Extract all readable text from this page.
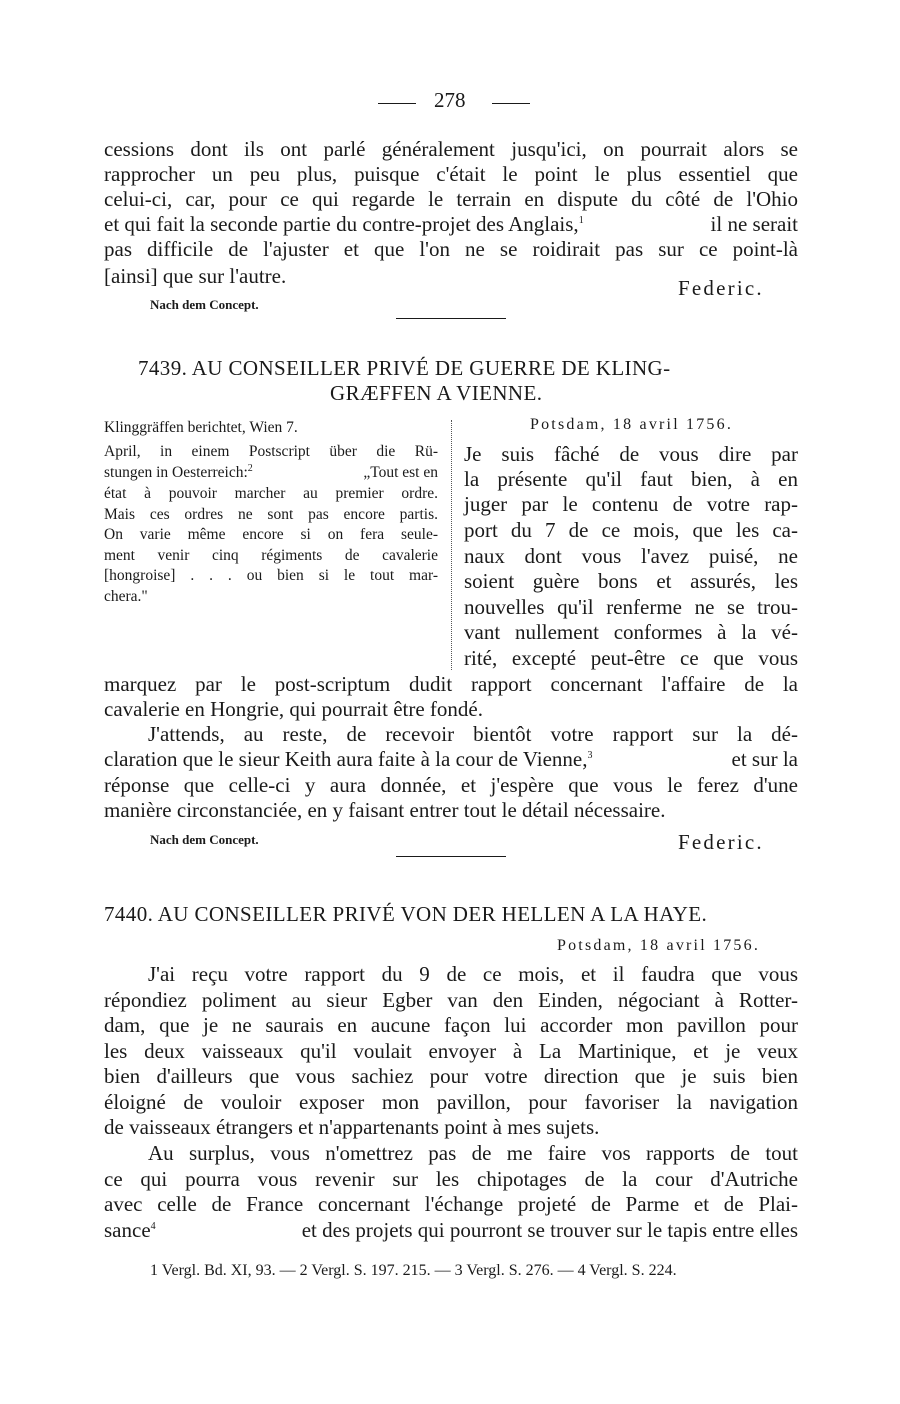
278
cessions dont ils ont parlé généralement jusqu'ici, on pourrait alors se
rapprocher un peu plus, puisque c'était le point le plus essentiel que
celui-ci, car, pour ce qui regarde le terrain en dispute du côté de l'Ohio
et qui fait la seconde partie du contre-projet des Anglais,$^1$	il ne serait
pas difficile de l'ajuster et que l'on ne se roidirait pas sur ce point-là
[ainsi] que sur l'autre.	Federic.
Nach dem Concept.
7439. AU CONSEILLER PRIVÉ DE GUERRE DE KLING-
GRÆFFEN A VIENNE.
Klinggräffen berichtet, Wien 7.
April, in einem Postscript über die Rü-
stungen in Oesterreich:$^2$	„Tout est en
état à pouvoir marcher au premier ordre.
Mais ces ordres ne sont pas encore partis.
On varie même encore si on fera seule-
ment venir cinq régiments de cavalerie
[hongroise] . . . ou bien si le tout mar-
chera."
Potsdam, 18 avril 1756.
Je suis fâché de vous dire par
la présente qu'il faut bien, à en
juger par le contenu de votre rap-
port du 7 de ce mois, que les ca-
naux dont vous l'avez puisé, ne
soient guère bons et assurés, les
nouvelles qu'il renferme ne se trou-
vant nullement conformes à la vé-
rité, excepté peut-être ce que vous
marquez par le post-scriptum dudit rapport concernant l'affaire de la
cavalerie en Hongrie, qui pourrait être fondé.
J'attends, au reste, de recevoir bientôt votre rapport sur la dé-
claration que le sieur Keith aura faite à la cour de Vienne,$^3$	et sur la
réponse que celle-ci y aura donnée, et j'espère que vous le ferez d'une
manière circonstanciée, en y faisant entrer tout le détail nécessaire.
Nach dem Concept.	Federic.
7440. AU CONSEILLER PRIVÉ VON DER HELLEN A LA HAYE.
Potsdam, 18 avril 1756.
J'ai reçu votre rapport du 9 de ce mois, et il faudra que vous
répondiez poliment au sieur Egber van den Einden, négociant à Rotter-
dam, que je ne saurais en aucune façon lui accorder mon pavillon pour
les deux vaisseaux qu'il voulait envoyer à La Martinique, et je veux
bien d'ailleurs que vous sachiez pour votre direction que je suis bien
éloigné de vouloir exposer mon pavillon, pour favoriser la navigation
de vaisseaux étrangers et n'appartenants point à mes sujets.
Au surplus, vous n'omettrez pas de me faire vos rapports de tout
ce qui pourra vous revenir sur les chipotages de la cour d'Autriche
avec celle de France concernant l'échange projeté de Parme et de Plai-
sance$^4$	et des projets qui pourront se trouver sur le tapis entre elles
1 Vergl. Bd. XI, 93. — 2 Vergl. S. 197. 215. — 3 Vergl. S. 276. — 4 Vergl. S. 224.
